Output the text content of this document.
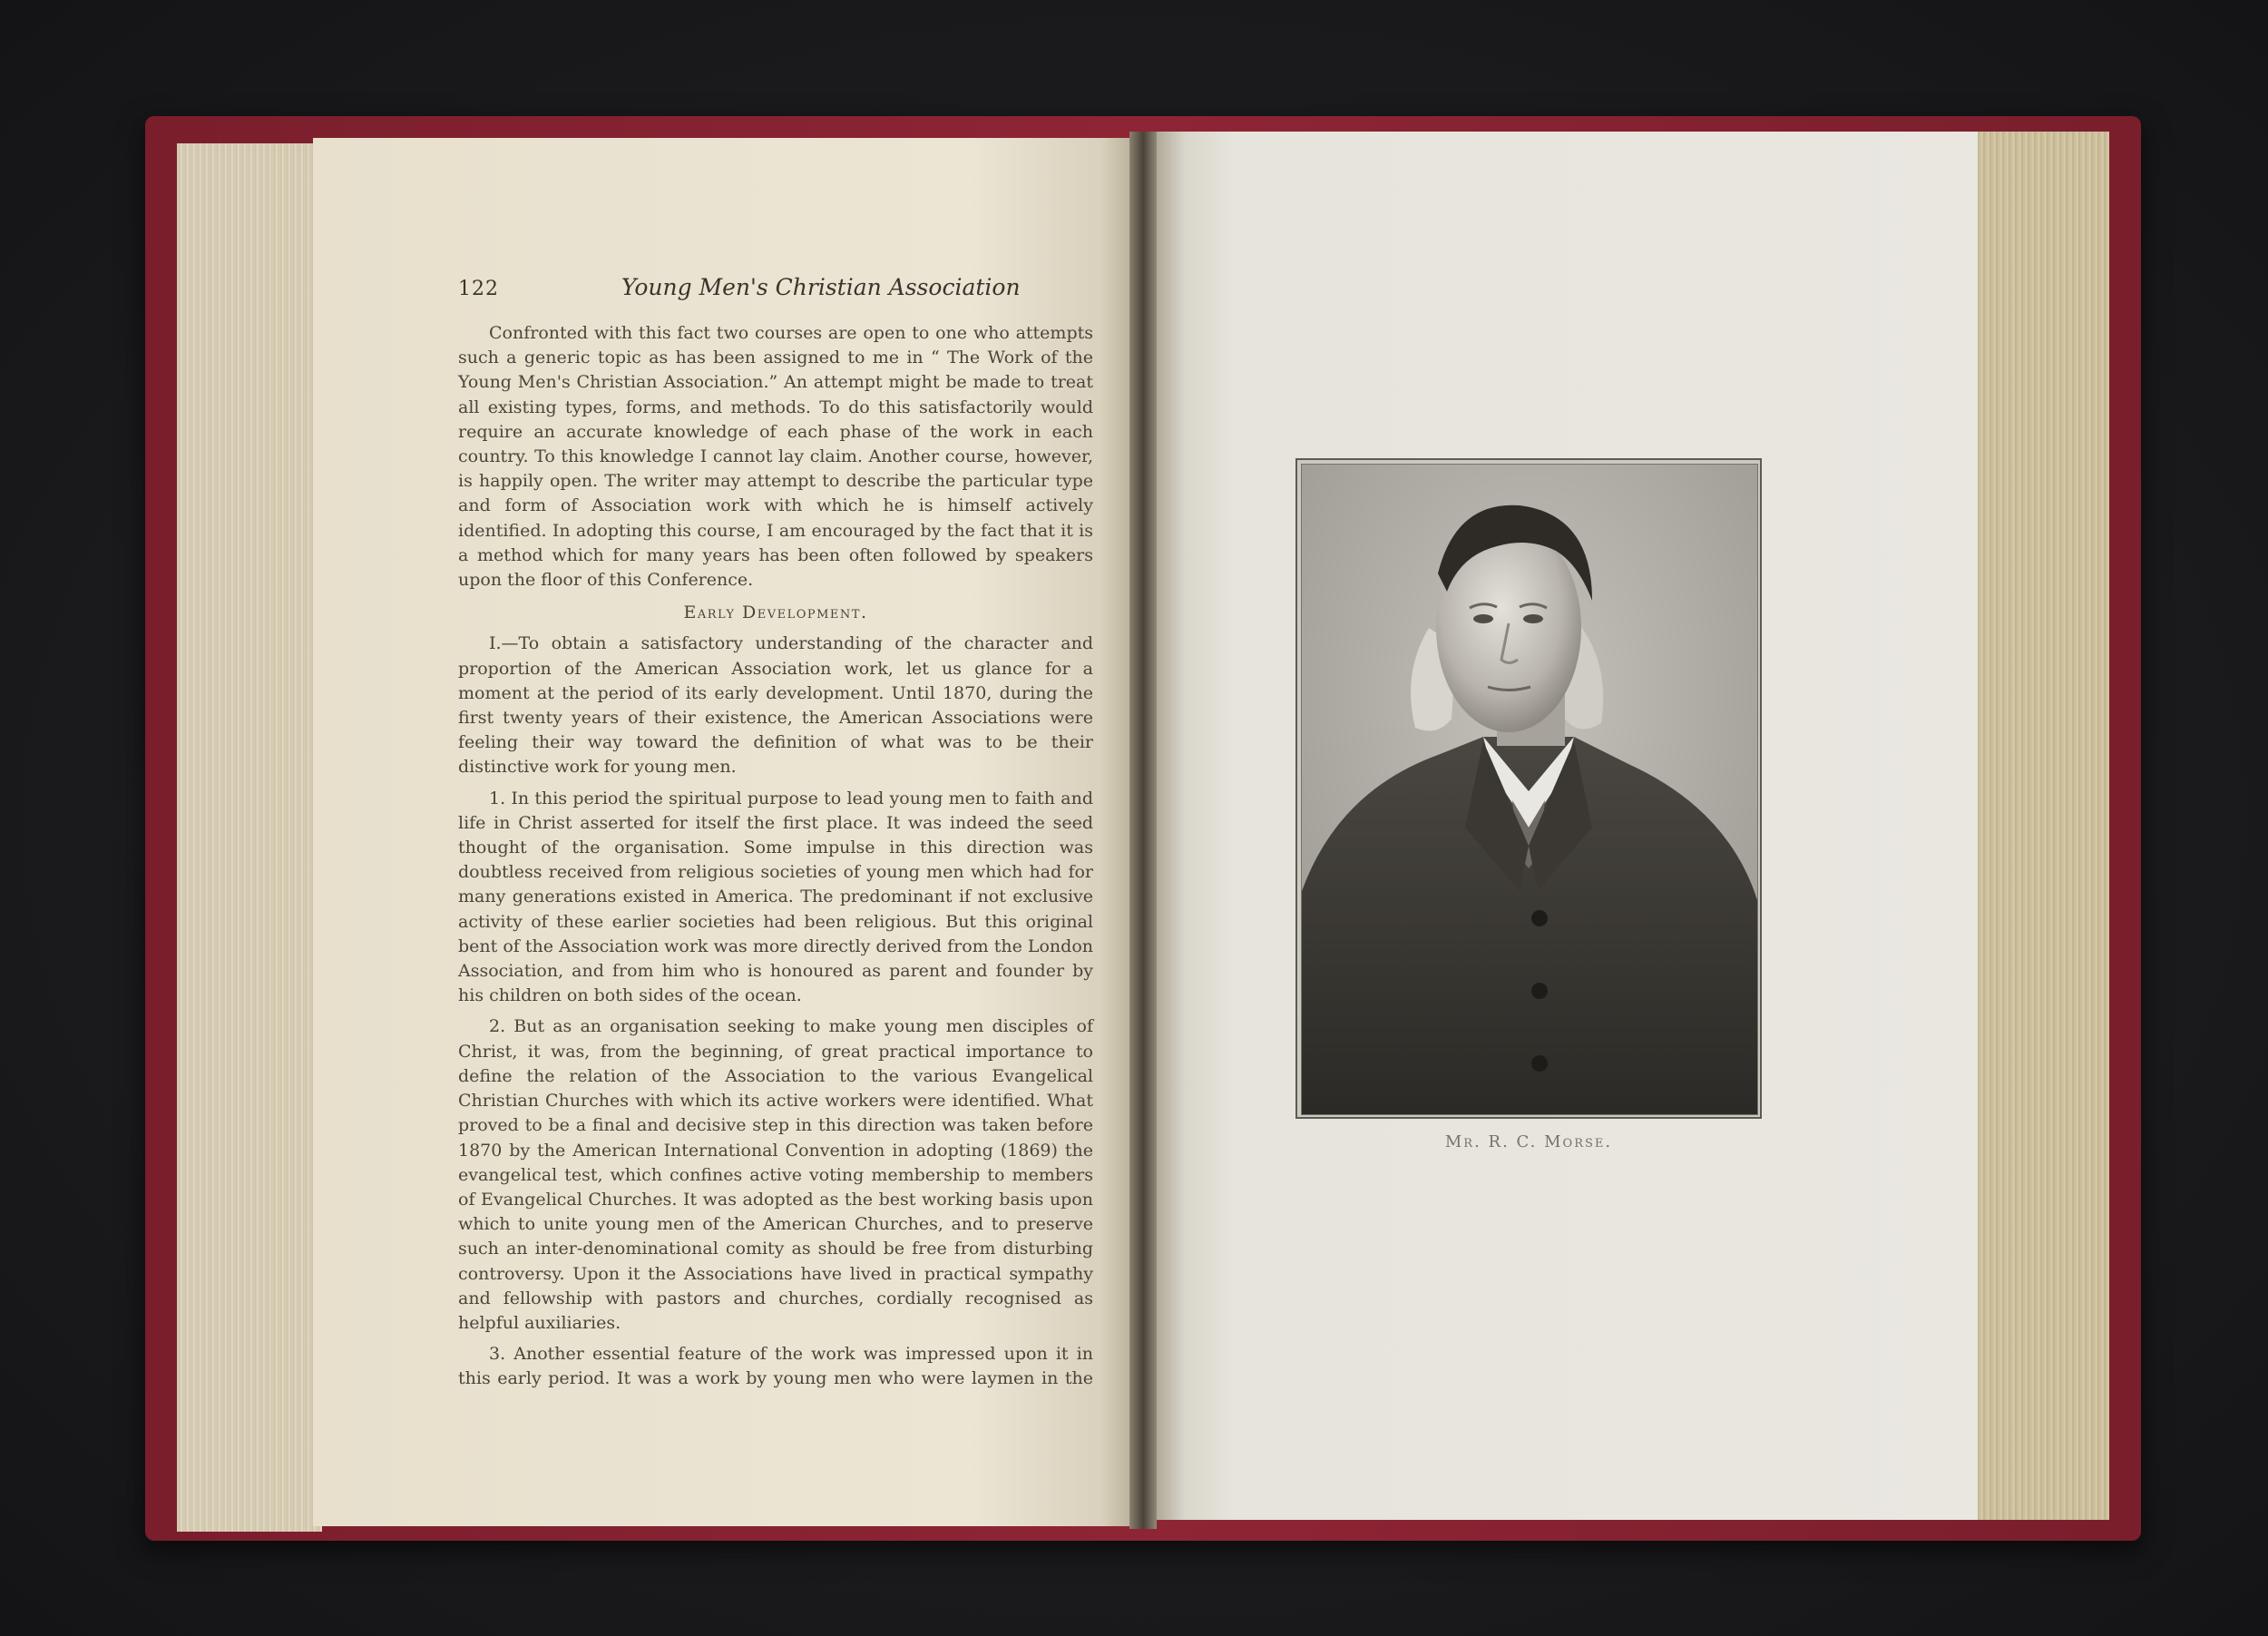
122	Young Men's Christian Association

Confronted with this fact two courses are open to one who attempts such a generic topic as has been assigned to me in “ The Work of the Young Men's Christian Association.” An attempt might be made to treat all existing types, forms, and methods. To do this satisfactorily would require an accurate knowledge of each phase of the work in each country. To this knowledge I cannot lay claim. Another course, however, is happily open. The writer may attempt to describe the particular type and form of Association work with which he is himself actively identified. In adopting this course, I am encouraged by the fact that it is a method which for many years has been often followed by speakers upon the floor of this Conference.

Early Development.

I.—To obtain a satisfactory understanding of the character and proportion of the American Association work, let us glance for a moment at the period of its early development. Until 1870, during the first twenty years of their existence, the American Associations were feeling their way toward the definition of what was to be their distinctive work for young men.

1. In this period the spiritual purpose to lead young men to faith and life in Christ asserted for itself the first place. It was indeed the seed thought of the organisation. Some impulse in this direction was doubtless received from religious societies of young men which had for many generations existed in America. The predominant if not exclusive activity of these earlier societies had been religious. But this original bent of the Association work was more directly derived from the London Association, and from him who is honoured as parent and founder by his children on both sides of the ocean.

2. But as an organisation seeking to make young men disciples of Christ, it was, from the beginning, of great practical importance to define the relation of the Association to the various Evangelical Christian Churches with which its active workers were identified. What proved to be a final and decisive step in this direction was taken before 1870 by the American International Convention in adopting (1869) the evangelical test, which confines active voting membership to members of Evangelical Churches. It was adopted as the best working basis upon which to unite young men of the American Churches, and to preserve such an inter-denominational comity as should be free from disturbing controversy. Upon it the Associations have lived in practical sympathy and fellowship with pastors and churches, cordially recognised as helpful auxiliaries.

3. Another essential feature of the work was impressed upon it in this early period. It was a work by young men who were laymen in the

Mr. R. C. Morse.
